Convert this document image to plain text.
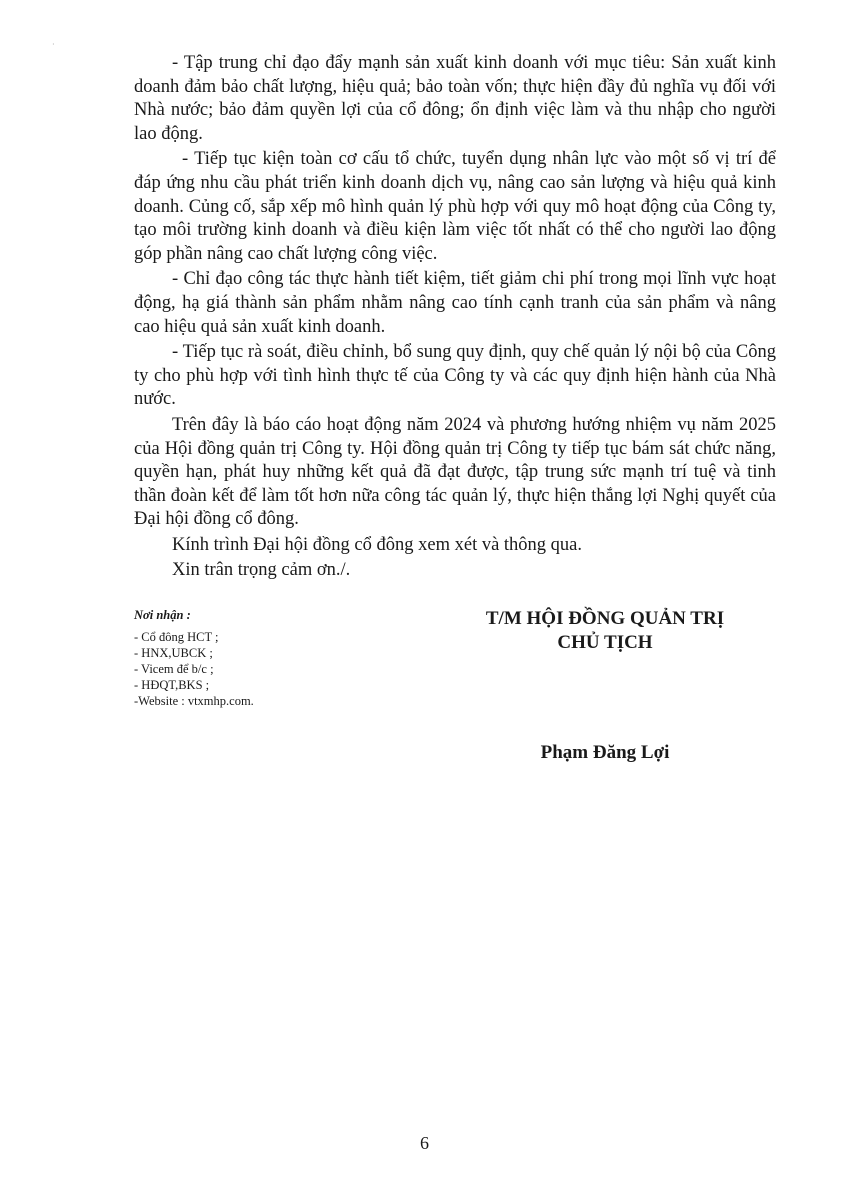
·

- Tập trung chỉ đạo đẩy mạnh sản xuất kinh doanh với mục tiêu: Sản xuất kinh doanh đảm bảo chất lượng, hiệu quả; bảo toàn vốn; thực hiện đầy đủ nghĩa vụ đối với Nhà nước; bảo đảm quyền lợi của cổ đông; ổn định việc làm và thu nhập cho người lao động.

- Tiếp tục kiện toàn cơ cấu tổ chức, tuyển dụng nhân lực vào một số vị trí để đáp ứng nhu cầu phát triển kinh doanh dịch vụ, nâng cao sản lượng và hiệu quả kinh doanh. Củng cố, sắp xếp mô hình quản lý phù hợp với quy mô hoạt động của Công ty, tạo môi trường kinh doanh và điều kiện làm việc tốt nhất có thể cho người lao động góp phần nâng cao chất lượng công việc.

- Chỉ đạo công tác thực hành tiết kiệm, tiết giảm chi phí trong mọi lĩnh vực hoạt động, hạ giá thành sản phẩm nhằm nâng cao tính cạnh tranh của sản phẩm và nâng cao hiệu quả sản xuất kinh doanh.

- Tiếp tục rà soát, điều chỉnh, bổ sung quy định, quy chế quản lý nội bộ của Công ty cho phù hợp với tình hình thực tế của Công ty và các quy định hiện hành của Nhà nước.

Trên đây là báo cáo hoạt động năm 2024 và phương hướng nhiệm vụ năm 2025 của Hội đồng quản trị Công ty. Hội đồng quản trị Công ty tiếp tục bám sát chức năng, quyền hạn, phát huy những kết quả đã đạt được, tập trung sức mạnh trí tuệ và tinh thần đoàn kết để làm tốt hơn nữa công tác quản lý, thực hiện thắng lợi Nghị quyết của Đại hội đồng cổ đông.

Kính trình Đại hội đồng cổ đông xem xét và thông qua.

Xin trân trọng cảm ơn./.

Nơi nhận :
- Cổ đông HCT ;
- HNX,UBCK ;
- Vicem để b/c ;
- HĐQT,BKS ;
-Website : vtxmhp.com.
T/M HỘI ĐỒNG QUẢN TRỊ
CHỦ TỊCH
Phạm Đăng Lợi
6
